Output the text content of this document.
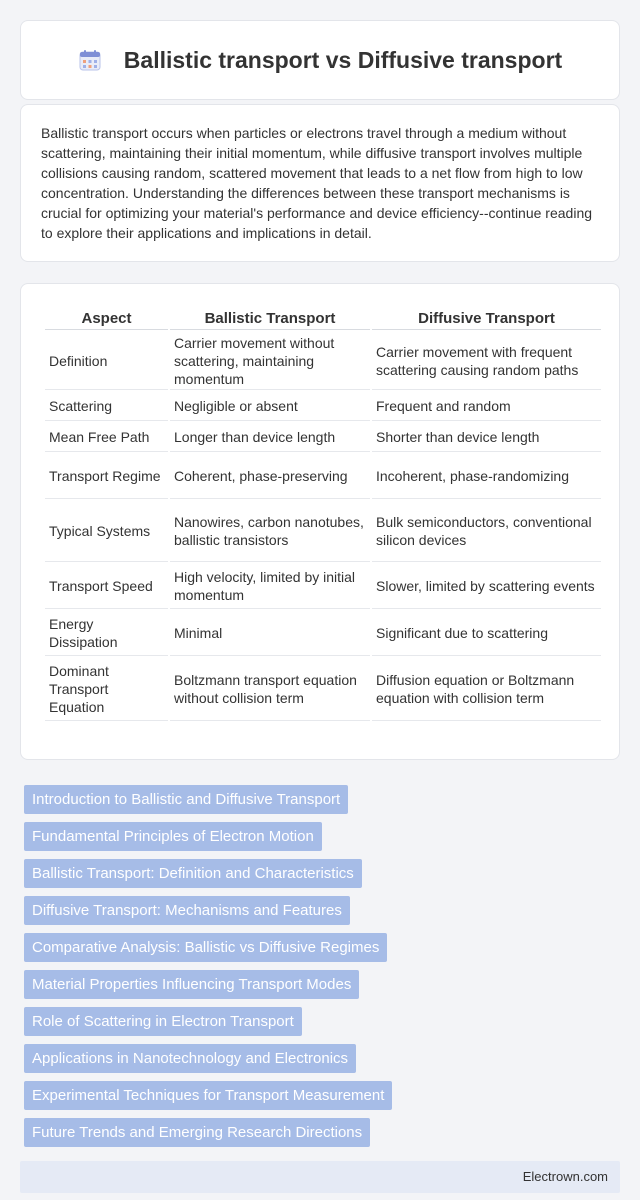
Ballistic transport vs Diffusive transport

Ballistic transport occurs when particles or electrons travel through a medium without scattering, maintaining their initial momentum, while diffusive transport involves multiple collisions causing random, scattered movement that leads to a net flow from high to low concentration. Understanding the differences between these transport mechanisms is crucial for optimizing your material's performance and device efficiency--continue reading to explore their applications and implications in detail.

Aspect	Ballistic Transport	Diffusive Transport
Definition	Carrier movement without scattering, maintaining momentum	Carrier movement with frequent scattering causing random paths
Scattering	Negligible or absent	Frequent and random
Mean Free Path	Longer than device length	Shorter than device length
Transport Regime	Coherent, phase-preserving	Incoherent, phase-randomizing
Typical Systems	Nanowires, carbon nanotubes, ballistic transistors	Bulk semiconductors, conventional silicon devices
Transport Speed	High velocity, limited by initial momentum	Slower, limited by scattering events
Energy Dissipation	Minimal	Significant due to scattering
Dominant Transport Equation	Boltzmann transport equation without collision term	Diffusion equation or Boltzmann equation with collision term
Introduction to Ballistic and Diffusive Transport
Fundamental Principles of Electron Motion
Ballistic Transport: Definition and Characteristics
Diffusive Transport: Mechanisms and Features
Comparative Analysis: Ballistic vs Diffusive Regimes
Material Properties Influencing Transport Modes
Role of Scattering in Electron Transport
Applications in Nanotechnology and Electronics
Experimental Techniques for Transport Measurement
Future Trends and Emerging Research Directions
Electrown.com
